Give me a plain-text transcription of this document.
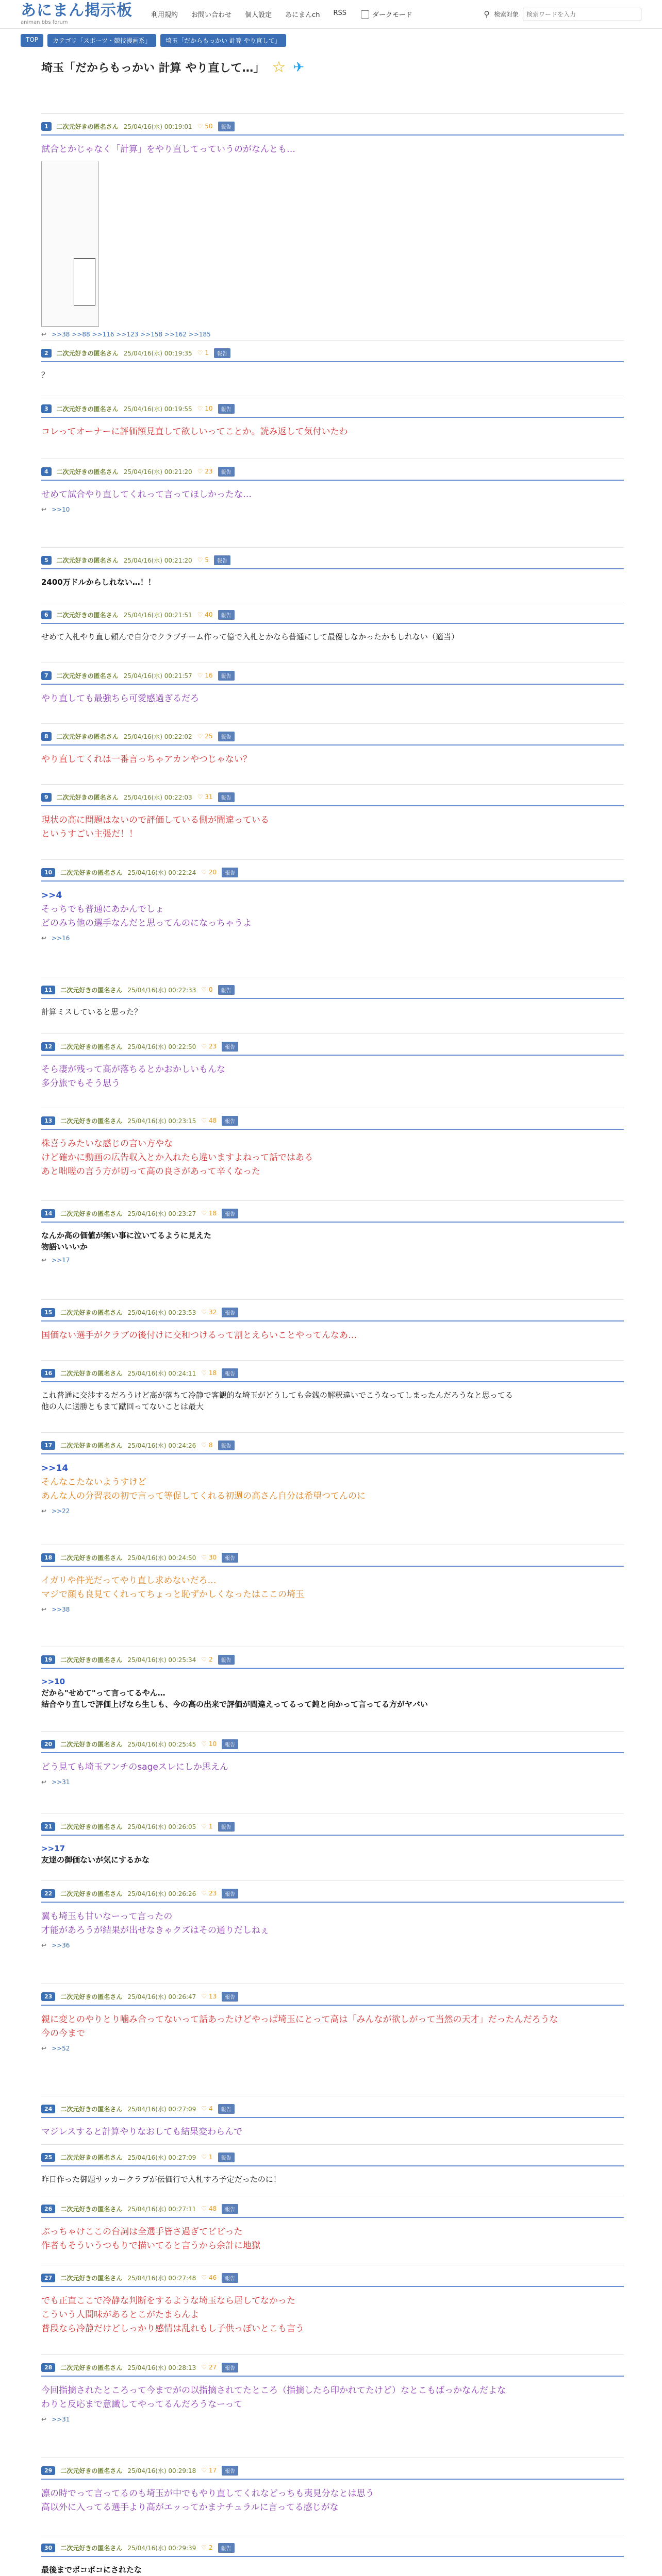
あにまん掲示板
animan bbs forum
利用規約 お問い合わせ 個人設定 あにまんch RSS	ダークモード	⚲ 検索対象
検索ワードを入力
TOP	カテゴリ「スポーツ・競技漫画系」	埼玉「だからもっかい 計算 やり直して」
埼玉「だからもっかい 計算 やり直して…」 ☆ ✈
1	二次元好きの匿名さん 25/04/16(水) 00:19:01 ♡ 50	報告
試合とかじゃなく「計算」をやり直してっていうのがなんとも…
↩ >>38 >>88 >>116 >>123 >>158 >>162 >>185
2	二次元好きの匿名さん 25/04/16(水) 00:19:35 ♡ 1	報告
？
3	二次元好きの匿名さん 25/04/16(水) 00:19:55 ♡ 10	報告
コレってオーナーに評価額見直して欲しいってことか。読み返して気付いたわ
4	二次元好きの匿名さん 25/04/16(水) 00:21:20 ♡ 23	報告
せめて試合やり直してくれって言ってほしかったな…
↩ >>10
5	二次元好きの匿名さん 25/04/16(水) 00:21:20 ♡ 5	報告
2400万ドルからしれない…！！
6	二次元好きの匿名さん 25/04/16(水) 00:21:51 ♡ 40	報告
せめて入札やり直し頼んで自分でクラブチーム作って億で入札とかなら普通にして最優しなかったかもしれない（適当）
7	二次元好きの匿名さん 25/04/16(水) 00:21:57 ♡ 16	報告
やり直しても最強ちら可愛感過ぎるだろ
8	二次元好きの匿名さん 25/04/16(水) 00:22:02 ♡ 25	報告
やり直してくれは一番言っちゃアカンやつじゃない？
9	二次元好きの匿名さん 25/04/16(水) 00:22:03 ♡ 31	報告
現状の高に問題はないので評価している側が間違っている
というすごい主張だ！！
10	二次元好きの匿名さん 25/04/16(水) 00:22:24 ♡ 20	報告
>>4
そっちでも普通にあかんでしょ
どのみち他の選手なんだと思ってんのになっちゃうよ
↩ >>16
11	二次元好きの匿名さん 25/04/16(水) 00:22:33 ♡ 0	報告
計算ミスしていると思った？
12	二次元好きの匿名さん 25/04/16(水) 00:22:50 ♡ 23	報告
そら凄が残って高が落ちるとかおかしいもんな
多分旅でもそう思う
13	二次元好きの匿名さん 25/04/16(水) 00:23:15 ♡ 48	報告
株喜うみたいな感じの言い方やな
けど確かに動画の広告収入とか入れたら違いますよねって話ではある
あと咄嗟の言う方が切って高の良さがあって辛くなった
14	二次元好きの匿名さん 25/04/16(水) 00:23:27 ♡ 18	報告
なんか高の価値が無い事に泣いてるように見えた
物語いいいか
↩ >>17
15	二次元好きの匿名さん 25/04/16(水) 00:23:53 ♡ 32	報告
国価ない選手がクラブの後付けに交和つけるって割とえらいことやってんなあ…
16	二次元好きの匿名さん 25/04/16(水) 00:24:11 ♡ 18	報告
これ普通に交渉するだろうけど高が落ちて冷静で客観的な埼玉がどうしても金銭の解釈違いでこうなってしまったんだろうなと思ってる
他の人に送勝ともまて蹴回ってないことは最大
17	二次元好きの匿名さん 25/04/16(水) 00:24:26 ♡ 8	報告
>>14
そんなこたないようすけど
あんな人の分習表の初で言って等促してくれる初週の高さん自分は希望つてんのに
↩ >>22
18	二次元好きの匿名さん 25/04/16(水) 00:24:50 ♡ 30	報告
イガリや件光だってやり直し求めないだろ…
マジで顔も良見てくれってちょっと恥ずかしくなったはここの埼玉
↩ >>38
19	二次元好きの匿名さん 25/04/16(水) 00:25:34 ♡ 2	報告
>>10
だから"せめて"って言ってるやん…
結合やり直しで評価上げなら生しも、今の高の出来で評価が間違えってるって鈍と向かって言ってる方がヤバい
20	二次元好きの匿名さん 25/04/16(水) 00:25:45 ♡ 10	報告
どう見ても埼玉アンチのsageスレにしか思えん
↩ >>31
21	二次元好きの匿名さん 25/04/16(水) 00:26:05 ♡ 1	報告
>>17
友達の御価ないが気にするかな
22	二次元好きの匿名さん 25/04/16(水) 00:26:26 ♡ 23	報告
翼も埼玉も甘いなーって言ったの
才能があろうが結果が出せなきゃクズはその通りだしねぇ
↩ >>36
23	二次元好きの匿名さん 25/04/16(水) 00:26:47 ♡ 13	報告
親に変とのやりとり噛み合ってないって話あったけどやっぱ埼玉にとって高は「みんなが欲しがって当然の天才」だったんだろうな
今の今まで
↩ >>52
24	二次元好きの匿名さん 25/04/16(水) 00:27:09 ♡ 4	報告
マジレスすると計算やりなおしても結果変わらんで
25	二次元好きの匿名さん 25/04/16(水) 00:27:09 ♡ 1	報告
昨日作った御題サッカークラブが伝価行で入札すろ予定だったのに！
26	二次元好きの匿名さん 25/04/16(水) 00:27:11 ♡ 48	報告
ぶっちゃけここの台詞は全選手皆さ過ぎてビビった
作者もそういうつもりで描いてると言うから余計に地獄
27	二次元好きの匿名さん 25/04/16(水) 00:27:48 ♡ 46	報告
でも正直ここで冷静な判断をするような埼玉なら居してなかった
こういう人間味があるとこがたまらんよ
普段なら冷静だけどしっかり感情は乱れもし子供っぽいとこも言う
28	二次元好きの匿名さん 25/04/16(水) 00:28:13 ♡ 27	報告
今回指摘されたところって今までがの以指摘されてたところ（指摘したら印かれてたけど）なとこもばっかなんだよな
わりと反応まで意識してやってるんだろうなーって
↩ >>31
29	二次元好きの匿名さん 25/04/16(水) 00:29:18 ♡ 17	報告
凛の時でって言ってるのも埼玉が中でもやり直してくれなどっちも夷見分なとは思う
高以外に入ってる選手より高がエッってかまナチュラルに言ってる感じがな
30	二次元好きの匿名さん 25/04/16(水) 00:29:39 ♡ 2	報告
最後までボコボコにされたな
